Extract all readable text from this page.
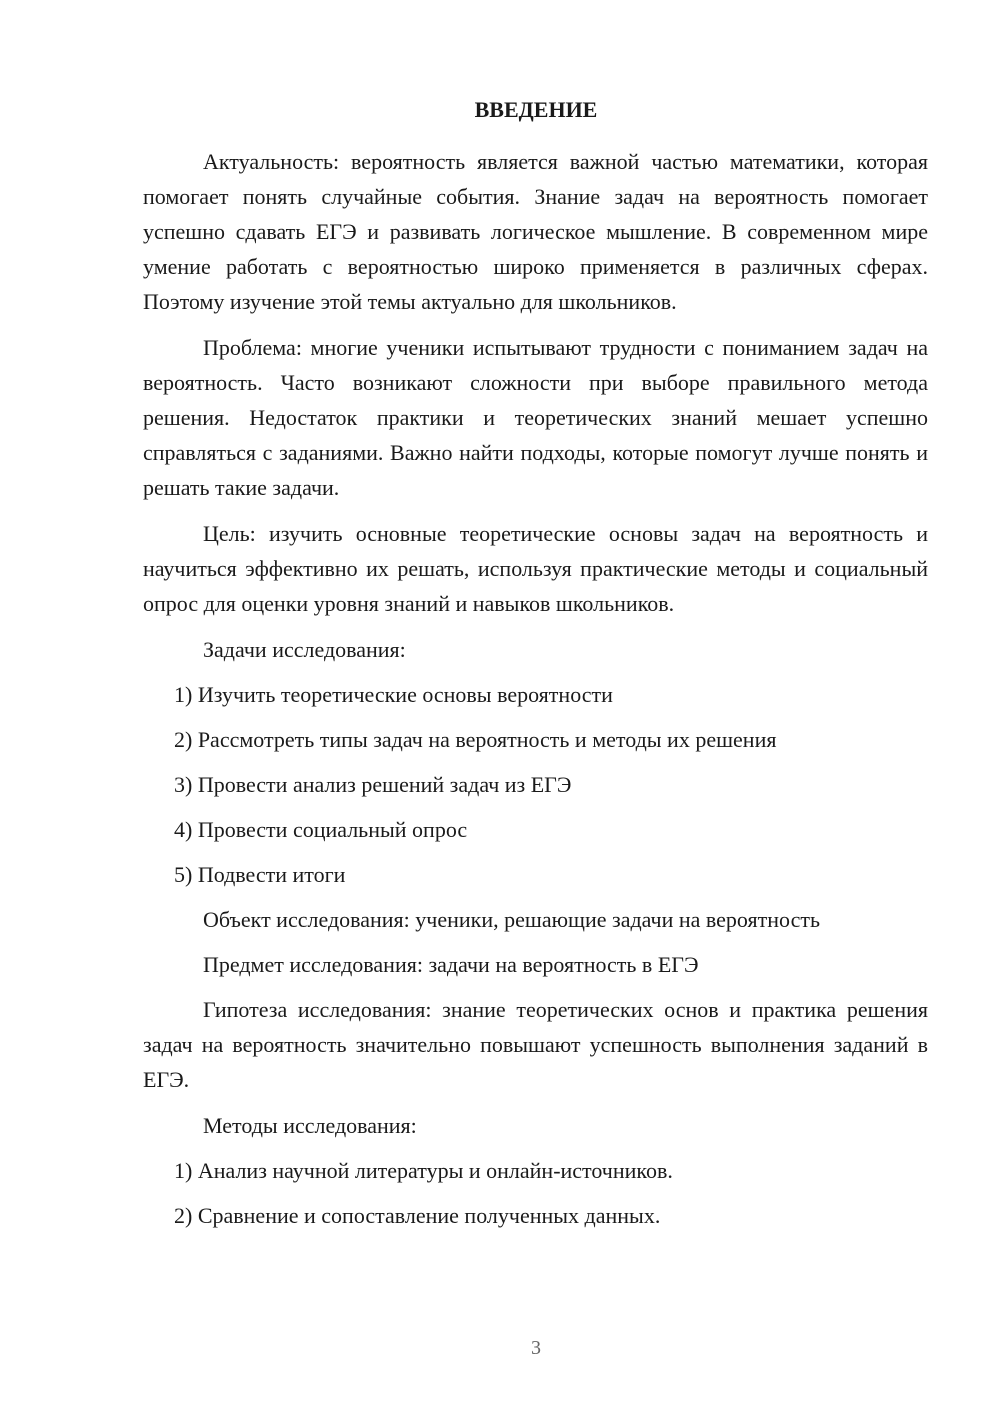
ВВЕДЕНИЕ

Актуальность: вероятность является важной частью математики, которая помогает понять случайные события. Знание задач на вероятность помогает успешно сдавать ЕГЭ и развивать логическое мышление. В современном мире умение работать с вероятностью широко применяется в различных сферах. Поэтому изучение этой темы актуально для школьников.

Проблема: многие ученики испытывают трудности с пониманием задач на вероятность. Часто возникают сложности при выборе правильного метода решения. Недостаток практики и теоретических знаний мешает успешно справляться с заданиями. Важно найти подходы, которые помогут лучше понять и решать такие задачи.

Цель: изучить основные теоретические основы задач на вероятность и научиться эффективно их решать, используя практические методы и социальный опрос для оценки уровня знаний и навыков школьников.

Задачи исследования:

1) Изучить теоретические основы вероятности

2) Рассмотреть типы задач на вероятность и методы их решения

3) Провести анализ решений задач из ЕГЭ

4) Провести социальный опрос

5) Подвести итоги

Объект исследования: ученики, решающие задачи на вероятность

Предмет исследования: задачи на вероятность в ЕГЭ

Гипотеза исследования: знание теоретических основ и практика решения задач на вероятность значительно повышают успешность выполнения заданий в ЕГЭ.

Методы исследования:

1) Анализ научной литературы и онлайн-источников.

2) Сравнение и сопоставление полученных данных.

3
